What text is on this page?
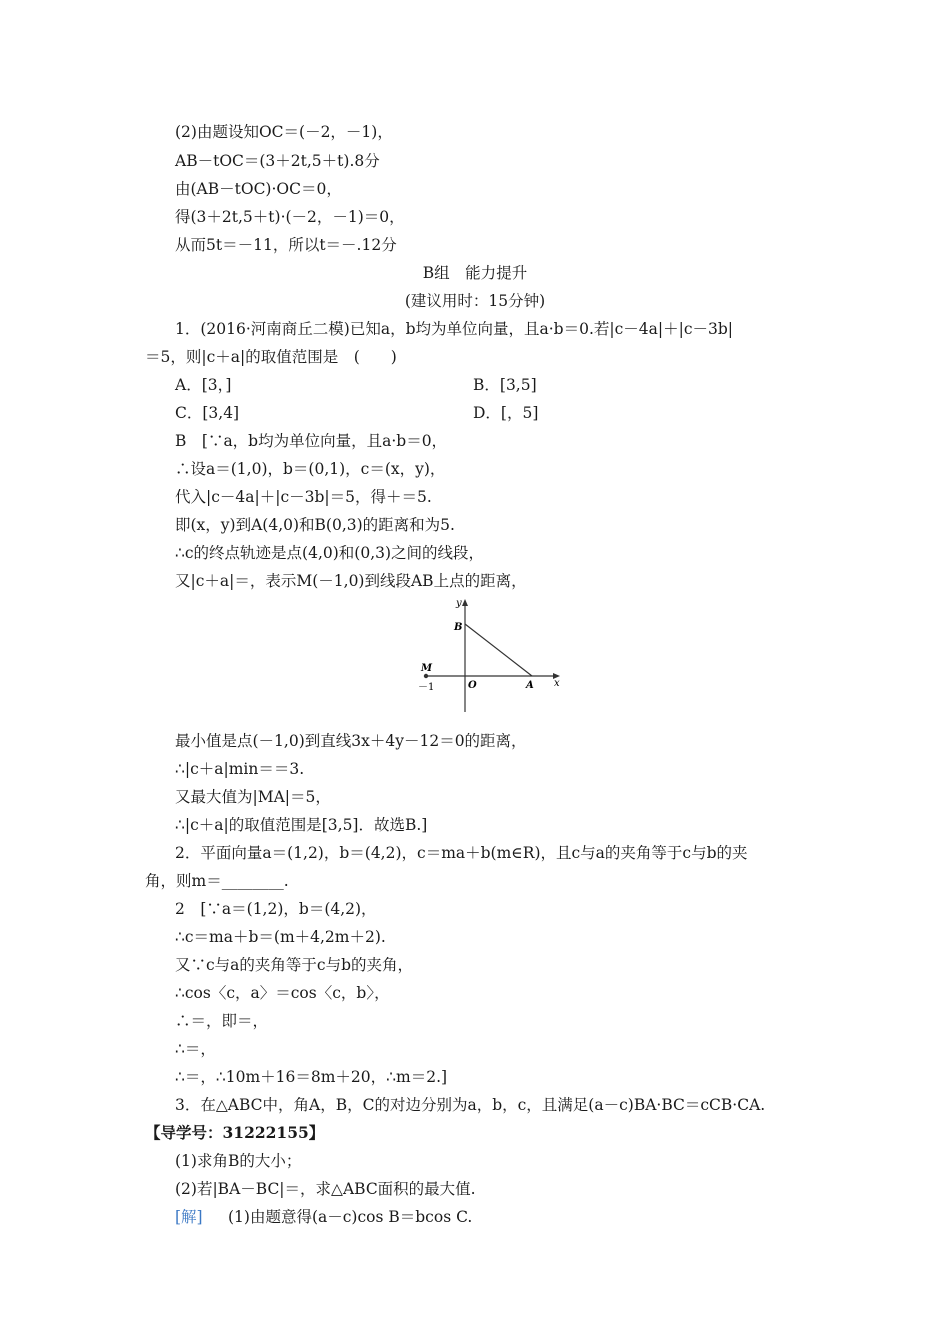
(2)由题设知OC＝(－2，－1)，
AB－tOC＝(3＋2t,5＋t).8分
由(AB－tOC)·OC＝0，
得(3＋2t,5＋t)·(－2，－1)＝0，
从而5t＝－11，所以t＝－.12分
B组　能力提升
(建议用时：15分钟)
1．(2016·河南商丘二模)已知a，b均为单位向量，且a·b＝0.若|c－4a|＋|c－3b|
＝5，则|c＋a|的取值范围是　(　　)
A．[3，]	B．[3,5]
C．[3,4]	D．[，5]
B　[∵a，b均为单位向量，且a·b＝0，
∴设a＝(1,0)，b＝(0,1)，c＝(x，y)，
代入|c－4a|＋|c－3b|＝5，得＋＝5.
即(x，y)到A(4,0)和B(0,3)的距离和为5.
∴c的终点轨迹是点(4,0)和(0,3)之间的线段，
又|c＋a|＝，表示M(－1,0)到线段AB上点的距离，
y
x
B
M
－1	O	A
最小值是点(－1,0)到直线3x＋4y－12＝0的距离，
∴|c＋a|min＝＝3.
又最大值为|MA|＝5，
∴|c＋a|的取值范围是[3,5]．故选B.]
2．平面向量a＝(1,2)，b＝(4,2)，c＝ma＋b(m∈R)，且c与a的夹角等于c与b的夹
角，则m＝________.
2　[∵a＝(1,2)，b＝(4,2)，
∴c＝ma＋b＝(m＋4,2m＋2).
又∵c与a的夹角等于c与b的夹角，
∴cos〈c，a〉＝cos〈c，b〉，
∴＝，即＝，
∴＝，
∴＝，∴10m＋16＝8m＋20，∴m＝2.]
3．在△ABC中，角A，B，C的对边分别为a，b，c，且满足(a－c)BA·BC＝cCB·CA.
【导学号：31222155】
(1)求角B的大小；
(2)若|BA－BC|＝，求△ABC面积的最大值.
[解] (1)由题意得(a－c)cos B＝bcos C.
